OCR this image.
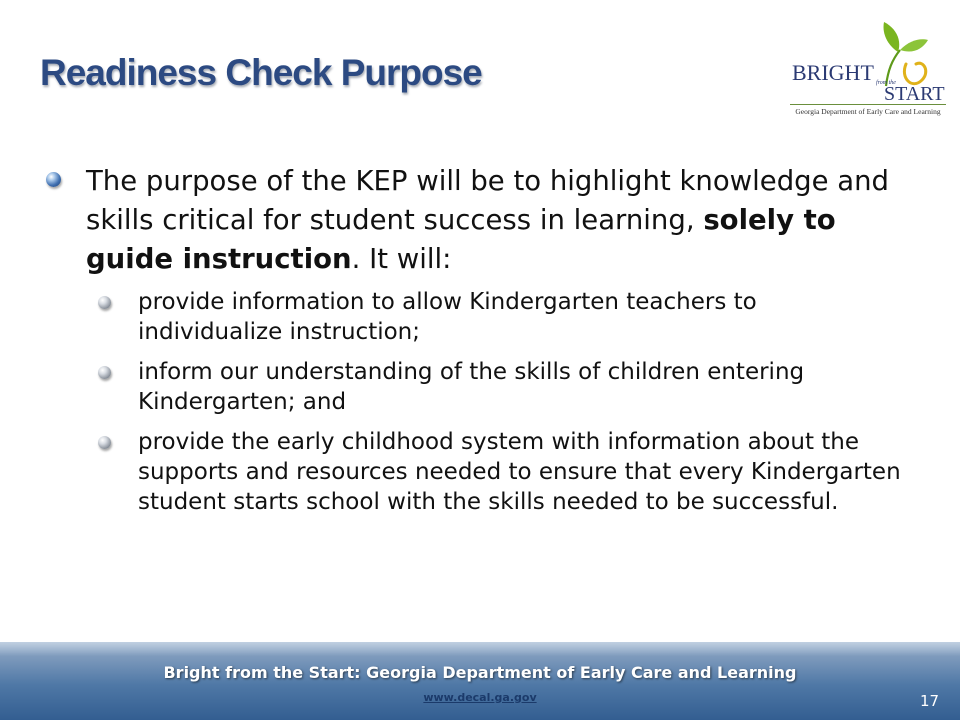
Readiness Check Purpose	BRIGHT from the
START
Georgia Department of Early Care and Learning

The purpose of the KEP will be to highlight knowledge and skills critical for student success in learning, solely to guide instruction. It will:

provide information to allow Kindergarten teachers to individualize instruction;
inform our understanding of the skills of children entering Kindergarten; and
provide the early childhood system with information about the supports and resources needed to ensure that every Kindergarten student starts school with the skills needed to be successful.
Bright from the Start: Georgia Department of Early Care and Learning
www.decal.ga.gov	17
